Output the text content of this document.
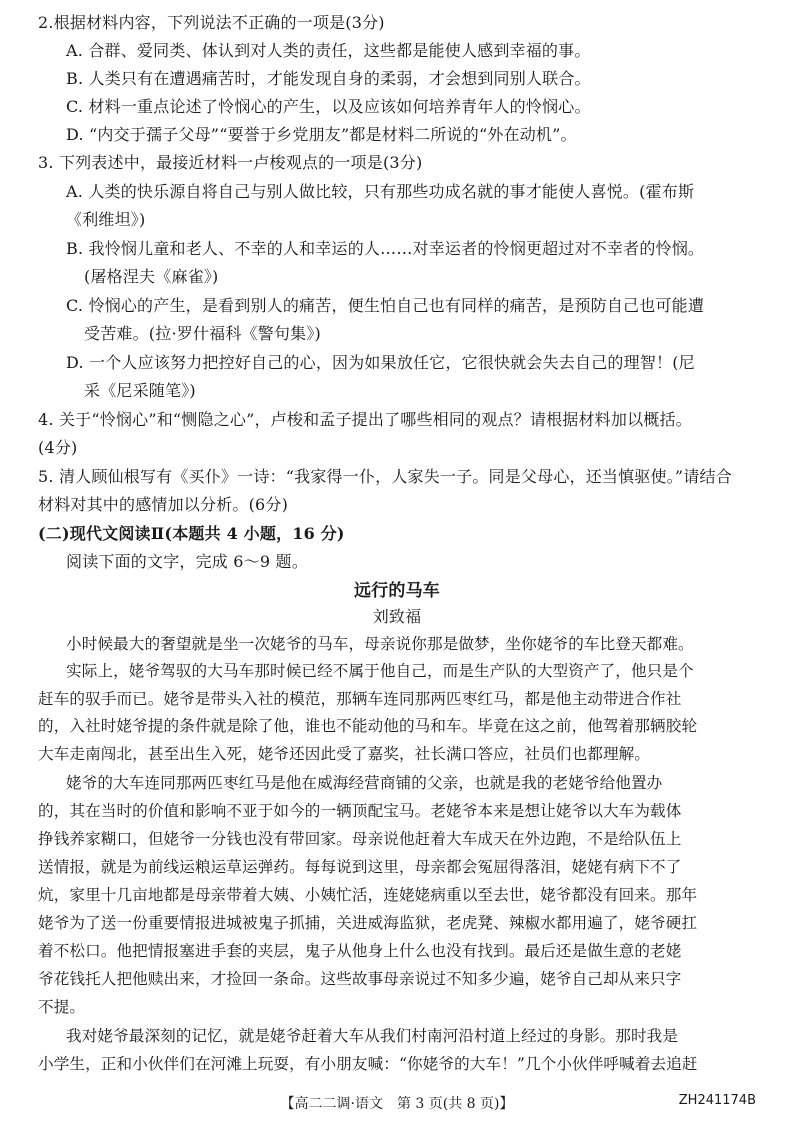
2.根据材料内容，下列说法不正确的一项是(3分)
A. 合群、爱同类、体认到对人类的责任，这些都是能使人感到幸福的事。
B. 人类只有在遭遇痛苦时，才能发现自身的柔弱，才会想到同别人联合。
C. 材料一重点论述了怜悯心的产生，以及应该如何培养青年人的怜悯心。
D. “内交于孺子父母”“要誉于乡党朋友”都是材料二所说的“外在动机”。
3. 下列表述中，最接近材料一卢梭观点的一项是(3分)
A. 人类的快乐源自将自己与别人做比较，只有那些功成名就的事才能使人喜悦。(霍布斯
《利维坦》)
B. 我怜悯儿童和老人、不幸的人和幸运的人……对幸运者的怜悯更超过对不幸者的怜悯。
(屠格涅夫《麻雀》)
C. 怜悯心的产生，是看到别人的痛苦，便生怕自己也有同样的痛苦，是预防自己也可能遭
受苦难。(拉·罗什福科《警句集》)
D. 一个人应该努力把控好自己的心，因为如果放任它，它很快就会失去自己的理智！(尼
采《尼采随笔》)
4. 关于“怜悯心”和“恻隐之心”，卢梭和孟子提出了哪些相同的观点？请根据材料加以概括。
(4分)
5. 清人顾仙根写有《买仆》一诗：“我家得一仆，人家失一子。同是父母心，还当慎驱使。”请结合
材料对其中的感情加以分析。(6分)
(二)现代文阅读Ⅱ(本题共 4 小题，16 分)
阅读下面的文字，完成 6～9 题。
远行的马车
刘致福
小时候最大的奢望就是坐一次姥爷的马车，母亲说你那是做梦，坐你姥爷的车比登天都难。
实际上，姥爷驾驭的大马车那时候已经不属于他自己，而是生产队的大型资产了，他只是个
赶车的驭手而已。姥爷是带头入社的模范，那辆车连同那两匹枣红马，都是他主动带进合作社
的，入社时姥爷提的条件就是除了他，谁也不能动他的马和车。毕竟在这之前，他驾着那辆胶轮
大车走南闯北，甚至出生入死，姥爷还因此受了嘉奖，社长满口答应，社员们也都理解。
姥爷的大车连同那两匹枣红马是他在威海经营商铺的父亲，也就是我的老姥爷给他置办
的，其在当时的价值和影响不亚于如今的一辆顶配宝马。老姥爷本来是想让姥爷以大车为载体
挣钱养家糊口，但姥爷一分钱也没有带回家。母亲说他赶着大车成天在外边跑，不是给队伍上
送情报，就是为前线运粮运草运弹药。每每说到这里，母亲都会冤屈得落泪，姥姥有病下不了
炕，家里十几亩地都是母亲带着大姨、小姨忙活，连姥姥病重以至去世，姥爷都没有回来。那年
姥爷为了送一份重要情报进城被鬼子抓捕，关进威海监狱，老虎凳、辣椒水都用遍了，姥爷硬扛
着不松口。他把情报塞进手套的夹层，鬼子从他身上什么也没有找到。最后还是做生意的老姥
爷花钱托人把他赎出来，才捡回一条命。这些故事母亲说过不知多少遍，姥爷自己却从来只字
不提。
我对姥爷最深刻的记忆，就是姥爷赶着大车从我们村南河沿村道上经过的身影。那时我是
小学生，正和小伙伴们在河滩上玩耍，有小朋友喊：“你姥爷的大车！”几个小伙伴呼喊着去追赶
【高二二调·语文　第 3 页(共 8 页)】	ZH241174B
